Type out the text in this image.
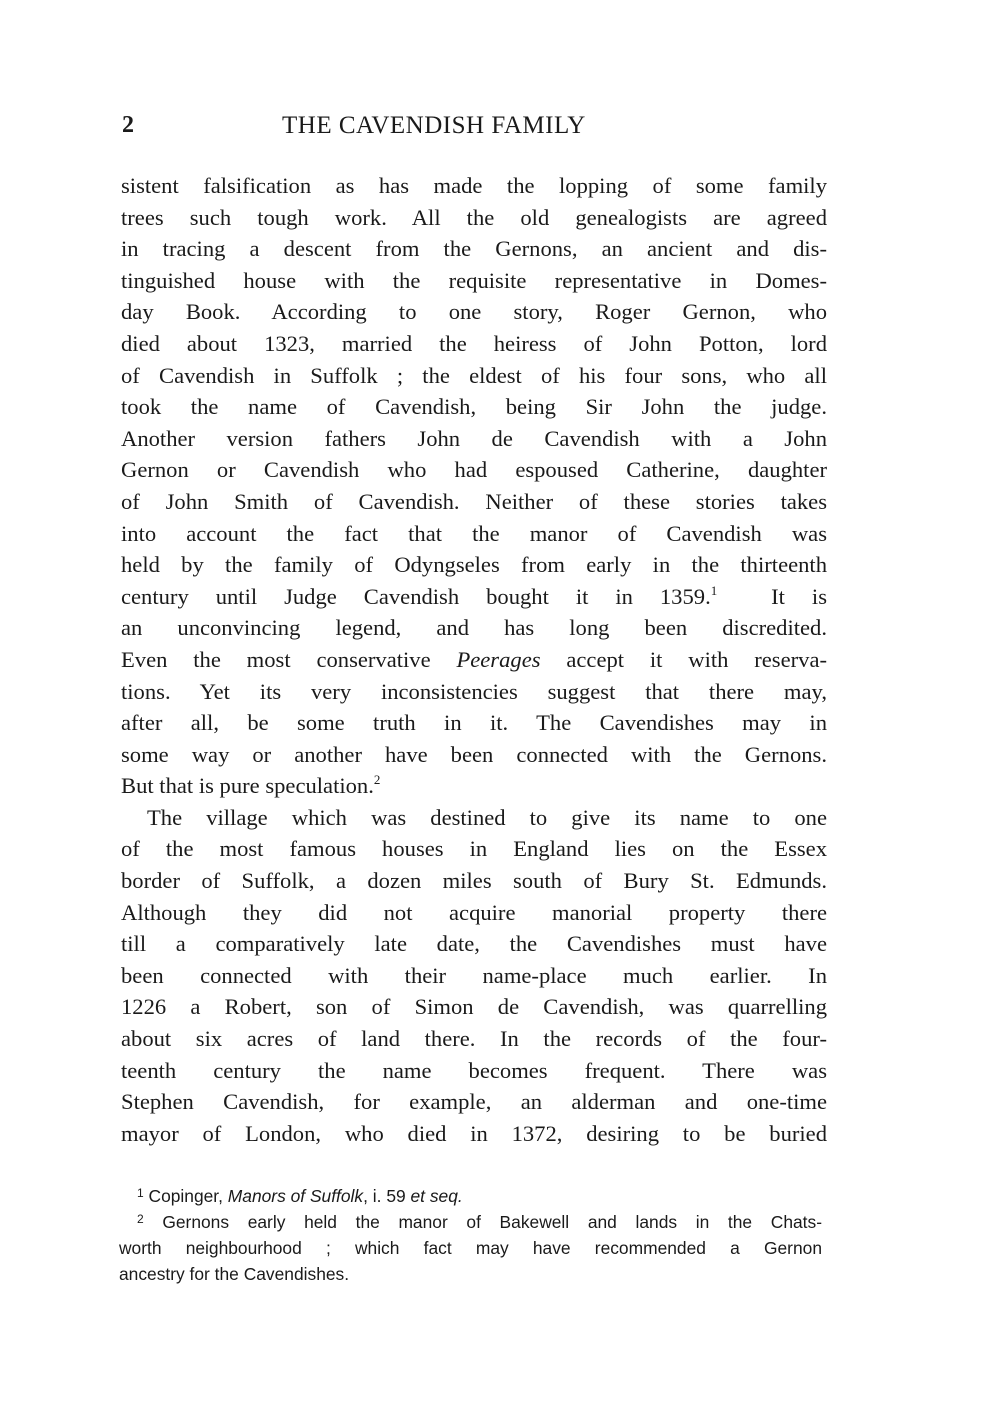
2	THE CAVENDISH FAMILY
sistent falsification as has made the lopping of some family
trees such tough work. All the old genealogists are agreed
in tracing a descent from the Gernons, an ancient and dis-
tinguished house with the requisite representative in Domes-
day Book. According to one story, Roger Gernon, who
died about 1323, married the heiress of John Potton, lord
of Cavendish in Suffolk ; the eldest of his four sons, who all
took the name of Cavendish, being Sir John the judge.
Another version fathers John de Cavendish with a John
Gernon or Cavendish who had espoused Catherine, daughter
of John Smith of Cavendish. Neither of these stories takes
into account the fact that the manor of Cavendish was
held by the family of Odyngseles from early in the thirteenth
century until Judge Cavendish bought it in 1359.$^1$  It is
an unconvincing legend, and has long been discredited.
Even the most conservative Peerages accept it with reserva-
tions. Yet its very inconsistencies suggest that there may,
after all, be some truth in it. The Cavendishes may in
some way or another have been connected with the Gernons.
But that is pure speculation.$^2$
The village which was destined to give its name to one
of the most famous houses in England lies on the Essex
border of Suffolk, a dozen miles south of Bury St. Edmunds.
Although they did not acquire manorial property there
till a comparatively late date, the Cavendishes must have
been connected with their name-place much earlier. In
1226 a Robert, son of Simon de Cavendish, was quarrelling
about six acres of land there. In the records of the four-
teenth century the name becomes frequent. There was
Stephen Cavendish, for example, an alderman and one-time
mayor of London, who died in 1372, desiring to be buried
$^1$ Copinger, Manors of Suffolk, i. 59 et seq.
$^2$ Gernons early held the manor of Bakewell and lands in the Chats-
worth neighbourhood ; which fact may have recommended a Gernon
ancestry for the Cavendishes.
